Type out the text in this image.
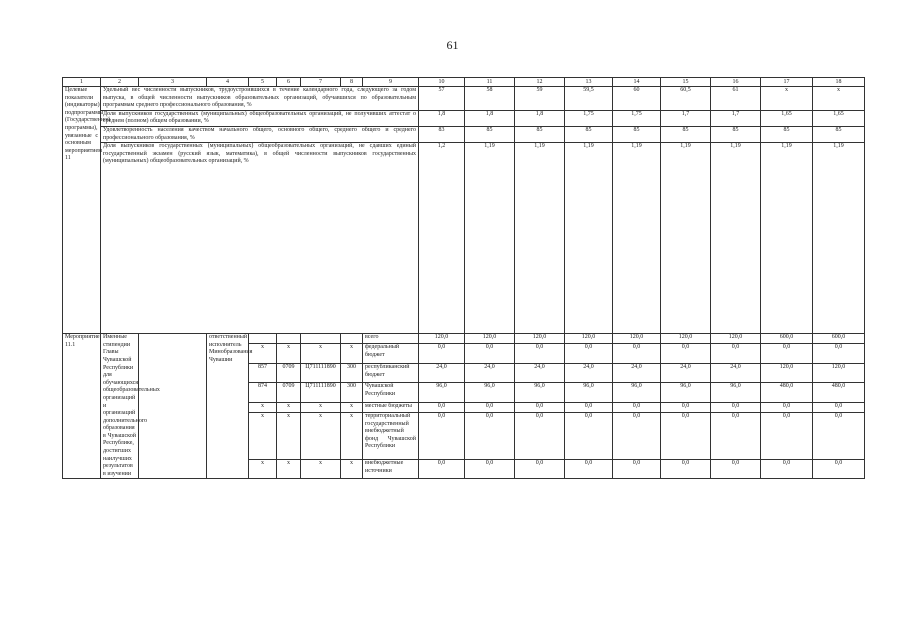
61
1	2	3	4	5	6	7	8	9	10	11	12	13	14	15	16	17	18
Целевые показатели (индикаторы) подпрограммы (Государственной программы), увязанные с основным мероприятием 11	Удельный вес численности выпускников, трудоустроившихся в течение календарного года, следующего за годом выпуска, в общей численности выпускников образовательных организаций, обучавшихся по образовательным программам среднего профессионального образования, %								57	58	59	59,5	60	60,5	61	x	x
	Доля выпускников государственных (муниципальных) общеобразовательных организаций, не получивших аттестат о среднем (полном) общем образовании, %								1,8	1,8	1,8	1,75	1,75	1,7	1,7	1,65	1,65
	Удовлетворенность населения качеством начального общего, основного общего, среднего общего и среднего профессионального образования, %								83	85	85	85	85	85	85	85	85
	Доля выпускников государственных (муниципальных) общеобразовательных организаций, не сдавших единый государственный экзамен (русский язык, математика), в общей численности выпускников государственных (муниципальных) общеобразовательных организаций, %								1,2	1,19	1,19	1,19	1,19	1,19	1,19	1,19	1,19
Мероприятие 11.1	Именные стипендии Главы Чувашской Республики для обучающихся общеобразовательных организаций и организаций дополнительного образования в Чувашской Республике, достигших наилучших результатов в изучении		ответственный исполнитель Минобразования Чувашии					всего	120,0	120,0	120,0	120,0	120,0	120,0	120,0	600,0	600,0
				x	x	x	x	федеральный бюджет	0,0	0,0	0,0	0,0	0,0	0,0	0,0	0,0	0,0
				857	0709	Ц711111890	300	республиканский бюджет	24,0	24,0	24,0	24,0	24,0	24,0	24,0	120,0	120,0
				874	0709	Ц711111890	300	Чувашской Республики	96,0	96,0	96,0	96,0	96,0	96,0	96,0	480,0	480,0
				x	x	x	x	местные бюджеты	0,0	0,0	0,0	0,0	0,0	0,0	0,0	0,0	0,0
				x	x	x	x	территориальный государственный внебюджетный фонд Чувашской Республики	0,0	0,0	0,0	0,0	0,0	0,0	0,0	0,0	0,0
				x	x	x	x	внебюджетные источники	0,0	0,0	0,0	0,0	0,0	0,0	0,0	0,0	0,0
